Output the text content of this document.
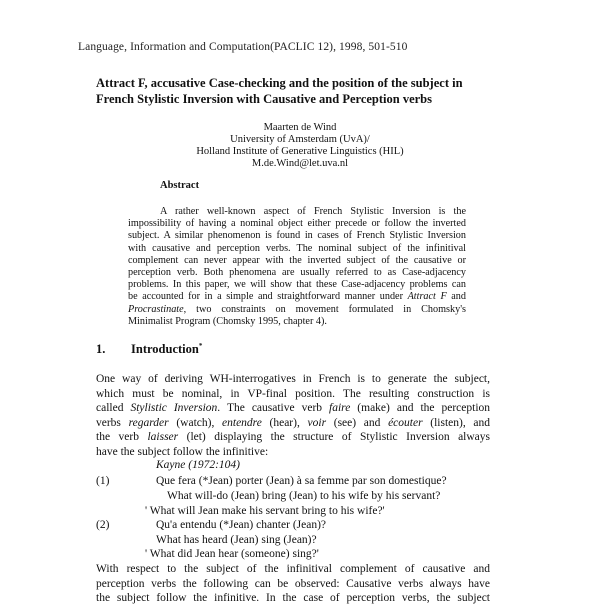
Language, Information and Computation(PACLIC 12), 1998, 501-510
Attract F, accusative Case-checking and the position of the subject in
French Stylistic Inversion with Causative and Perception verbs
Maarten de Wind
University of Amsterdam (UvA)/
Holland Institute of Generative Linguistics (HIL)
M.de.Wind@let.uva.nl
Abstract
A rather well-known aspect of French Stylistic Inversion is the
impossibility of having a nominal object either precede or follow the inverted
subject. A similar phenomenon is found in cases of French Stylistic Inversion
with causative and perception verbs. The nominal subject of the infinitival
complement can never appear with the inverted subject of the causative or
perception verb. Both phenomena are usually referred to as Case-adjacency
problems. In this paper, we will show that these Case-adjacency problems can
be accounted for in a simple and straightforward manner under Attract F and
Procrastinate, two constraints on movement formulated in Chomsky's
Minimalist Program (Chomsky 1995, chapter 4).
1. Introduction*
One way of deriving WH-interrogatives in French is to generate the subject,
which must be nominal, in VP-final position. The resulting construction is
called Stylistic Inversion. The causative verb faire (make) and the perception
verbs regarder (watch), entendre (hear), voir (see) and écouter (listen), and
the verb laisser (let) displaying the structure of Stylistic Inversion always
have the subject follow the infinitive:
Kayne (1972:104)
(1)	Que fera (*Jean) porter (Jean) à sa femme par son domestique?
What will-do (Jean) bring (Jean) to his wife by his servant?
' What will Jean make his servant bring to his wife?'
(2)	Qu'a entendu (*Jean) chanter (Jean)?
What has heard (Jean) sing (Jean)?
' What did Jean hear (someone) sing?'
With respect to the subject of the infinitival complement of causative and
perception verbs the following can be observed: Causative verbs always have
the subject follow the infinitive. In the case of perception verbs, the subject
